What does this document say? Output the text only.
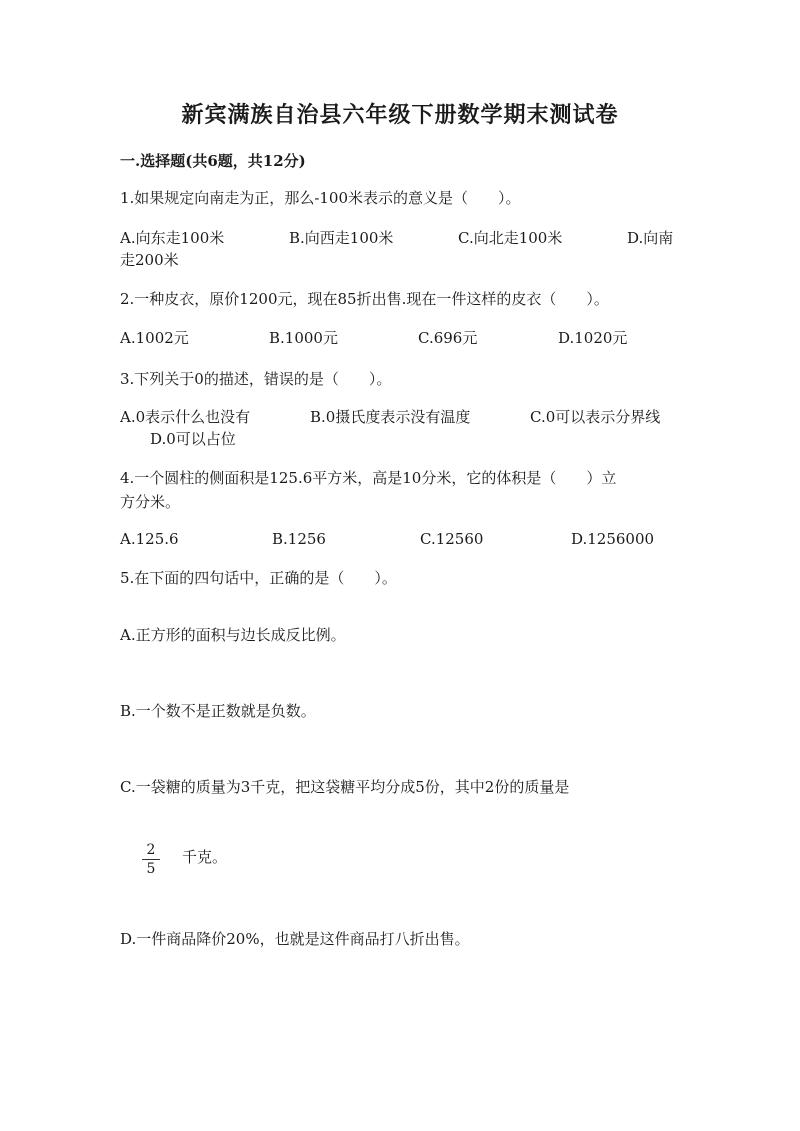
新宾满族自治县六年级下册数学期末测试卷
一.选择题(共6题，共12分)
1.如果规定向南走为正，那么-100米表示的意义是（　　）。
A.向东走100米	B.向西走100米	C.向北走100米	D.向南
走200米
2.一种皮衣，原价1200元，现在85折出售.现在一件这样的皮衣（　　）。
A.1002元	B.1000元	C.696元	D.1020元
3.下列关于0的描述，错误的是（　　）。
A.0表示什么也没有	B.0摄氏度表示没有温度	C.0可以表示分界线
D.0可以占位
4.一个圆柱的侧面积是125.6平方米，高是10分米，它的体积是（　　）立
方分米。
A.125.6	B.1256	C.12560	D.1256000
5.在下面的四句话中，正确的是（　　）。
A.正方形的面积与边长成反比例。
B.一个数不是正数就是负数。
C.一袋糖的质量为3千克，把这袋糖平均分成5份，其中2份的质量是
2
5
千克。
D.一件商品降价20%，也就是这件商品打八折出售。
